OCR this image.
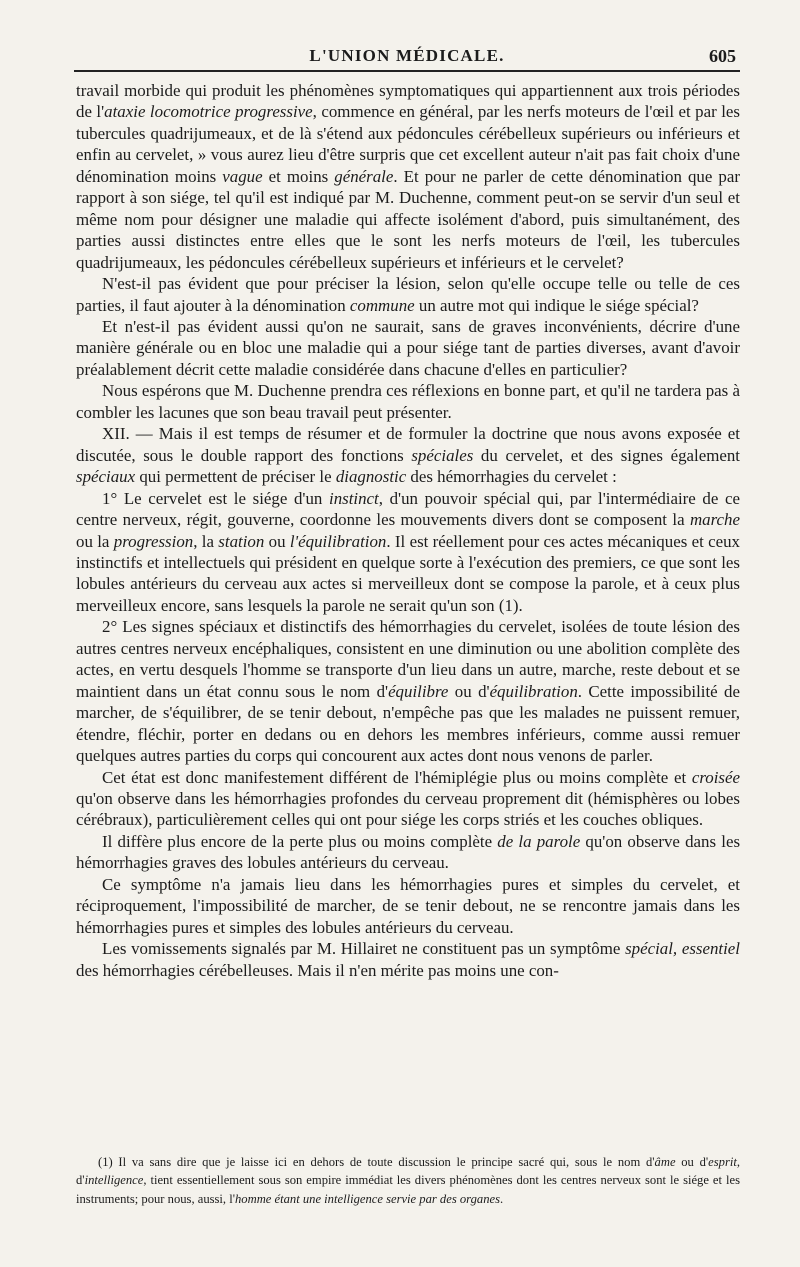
L'UNION MÉDICALE.	605

travail morbide qui produit les phénomènes symptomatiques qui appartiennent aux trois périodes de l'ataxie locomotrice progressive, commence en général, par les nerfs moteurs de l'œil et par les tubercules quadrijumeaux, et de là s'étend aux pédoncules cérébelleux supérieurs ou inférieurs et enfin au cervelet, » vous aurez lieu d'être surpris que cet excellent auteur n'ait pas fait choix d'une dénomination moins vague et moins générale. Et pour ne parler de cette dénomination que par rapport à son siége, tel qu'il est indiqué par M. Duchenne, comment peut-on se servir d'un seul et même nom pour désigner une maladie qui affecte isolément d'abord, puis simultanément, des parties aussi distinctes entre elles que le sont les nerfs moteurs de l'œil, les tubercules quadrijumeaux, les pédoncules cérébelleux supérieurs et inférieurs et le cervelet?

N'est-il pas évident que pour préciser la lésion, selon qu'elle occupe telle ou telle de ces parties, il faut ajouter à la dénomination commune un autre mot qui indique le siége spécial?

Et n'est-il pas évident aussi qu'on ne saurait, sans de graves inconvénients, décrire d'une manière générale ou en bloc une maladie qui a pour siége tant de parties diverses, avant d'avoir préalablement décrit cette maladie considérée dans chacune d'elles en particulier?

Nous espérons que M. Duchenne prendra ces réflexions en bonne part, et qu'il ne tardera pas à combler les lacunes que son beau travail peut présenter.

XII. — Mais il est temps de résumer et de formuler la doctrine que nous avons exposée et discutée, sous le double rapport des fonctions spéciales du cervelet, et des signes également spéciaux qui permettent de préciser le diagnostic des hémorrhagies du cervelet :

1° Le cervelet est le siége d'un instinct, d'un pouvoir spécial qui, par l'intermédiaire de ce centre nerveux, régit, gouverne, coordonne les mouvements divers dont se composent la marche ou la progression, la station ou l'équilibration. Il est réellement pour ces actes mécaniques et ceux instinctifs et intellectuels qui président en quelque sorte à l'exécution des premiers, ce que sont les lobules antérieurs du cerveau aux actes si merveilleux dont se compose la parole, et à ceux plus merveilleux encore, sans lesquels la parole ne serait qu'un son (1).

2° Les signes spéciaux et distinctifs des hémorrhagies du cervelet, isolées de toute lésion des autres centres nerveux encéphaliques, consistent en une diminution ou une abolition complète des actes, en vertu desquels l'homme se transporte d'un lieu dans un autre, marche, reste debout et se maintient dans un état connu sous le nom d'équilibre ou d'équilibration. Cette impossibilité de marcher, de s'équilibrer, de se tenir debout, n'empêche pas que les malades ne puissent remuer, étendre, fléchir, porter en dedans ou en dehors les membres inférieurs, comme aussi remuer quelques autres parties du corps qui concourent aux actes dont nous venons de parler.

Cet état est donc manifestement différent de l'hémiplégie plus ou moins complète et croisée qu'on observe dans les hémorrhagies profondes du cerveau proprement dit (hémisphères ou lobes cérébraux), particulièrement celles qui ont pour siége les corps striés et les couches obliques.

Il diffère plus encore de la perte plus ou moins complète de la parole qu'on observe dans les hémorrhagies graves des lobules antérieurs du cerveau.

Ce symptôme n'a jamais lieu dans les hémorrhagies pures et simples du cervelet, et réciproquement, l'impossibilité de marcher, de se tenir debout, ne se rencontre jamais dans les hémorrhagies pures et simples des lobules antérieurs du cerveau.

Les vomissements signalés par M. Hillairet ne constituent pas un symptôme spécial, essentiel des hémorrhagies cérébelleuses. Mais il n'en mérite pas moins une con-

(1) Il va sans dire que je laisse ici en dehors de toute discussion le principe sacré qui, sous le nom d'âme ou d'esprit, d'intelligence, tient essentiellement sous son empire immédiat les divers phénomènes dont les centres nerveux sont le siége et les instruments; pour nous, aussi, l'homme étant une intelligence servie par des organes.
